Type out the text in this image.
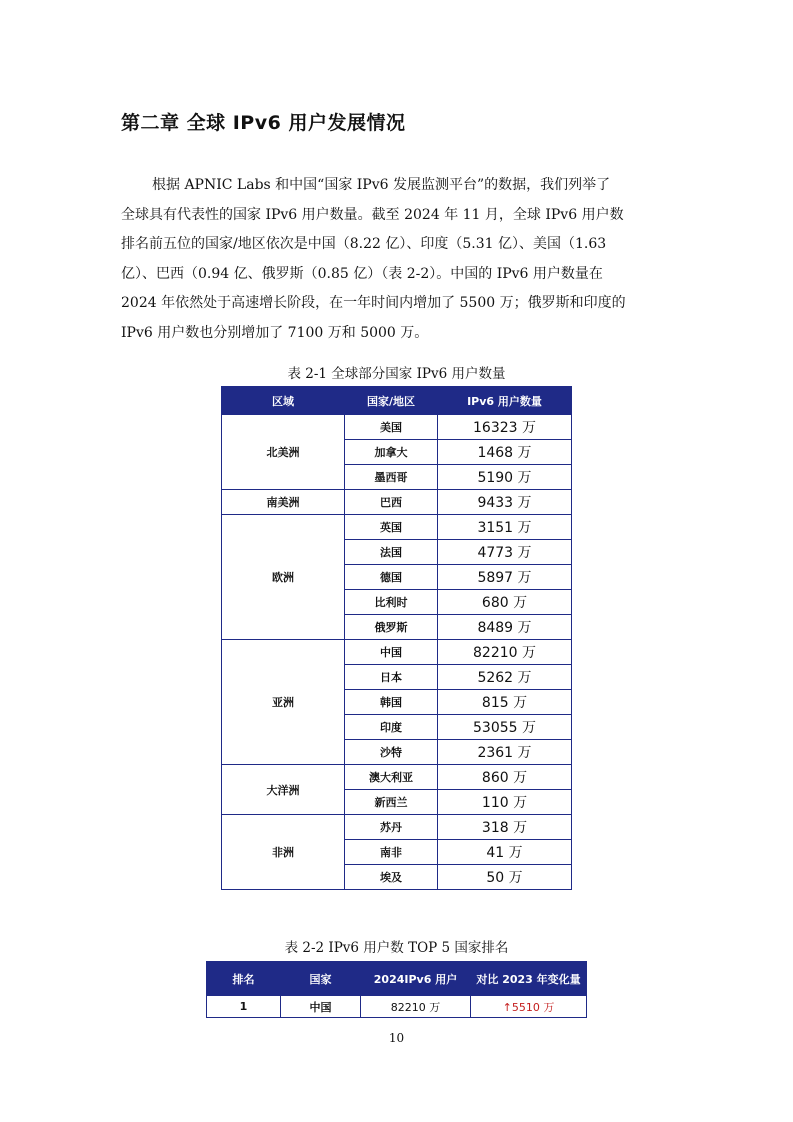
第二章 全球 IPv6 用户发展情况

根据 APNIC Labs 和中国“国家 IPv6 发展监测平台”的数据，我们列举了
全球具有代表性的国家 IPv6 用户数量。截至 2024 年 11 月，全球 IPv6 用户数
排名前五位的国家/地区依次是中国（8.22 亿）、印度（5.31 亿）、美国（1.63
亿）、巴西（0.94 亿、俄罗斯（0.85 亿）（表 2-2）。中国的 IPv6 用户数量在
2024 年依然处于高速增长阶段，在一年时间内增加了 5500 万；俄罗斯和印度的
IPv6 用户数也分别增加了 7100 万和 5000 万。

表 2-1 全球部分国家 IPv6 用户数量

区域	国家/地区	IPv6 用户数量
北美洲	美国	16323 万
	加拿大	1468 万
	墨西哥	5190 万
南美洲	巴西	9433 万
欧洲	英国	3151 万
	法国	4773 万
	德国	5897 万
	比利时	680 万
	俄罗斯	8489 万
亚洲	中国	82210 万
	日本	5262 万
	韩国	815 万
	印度	53055 万
	沙特	2361 万
大洋洲	澳大利亚	860 万
	新西兰	110 万
非洲	苏丹	318 万
	南非	41 万
	埃及	50 万

表 2-2 IPv6 用户数 TOP 5 国家排名

排名	国家	2024IPv6 用户	对比 2023 年变化量
1	中国	82210 万	↑5510 万

10
